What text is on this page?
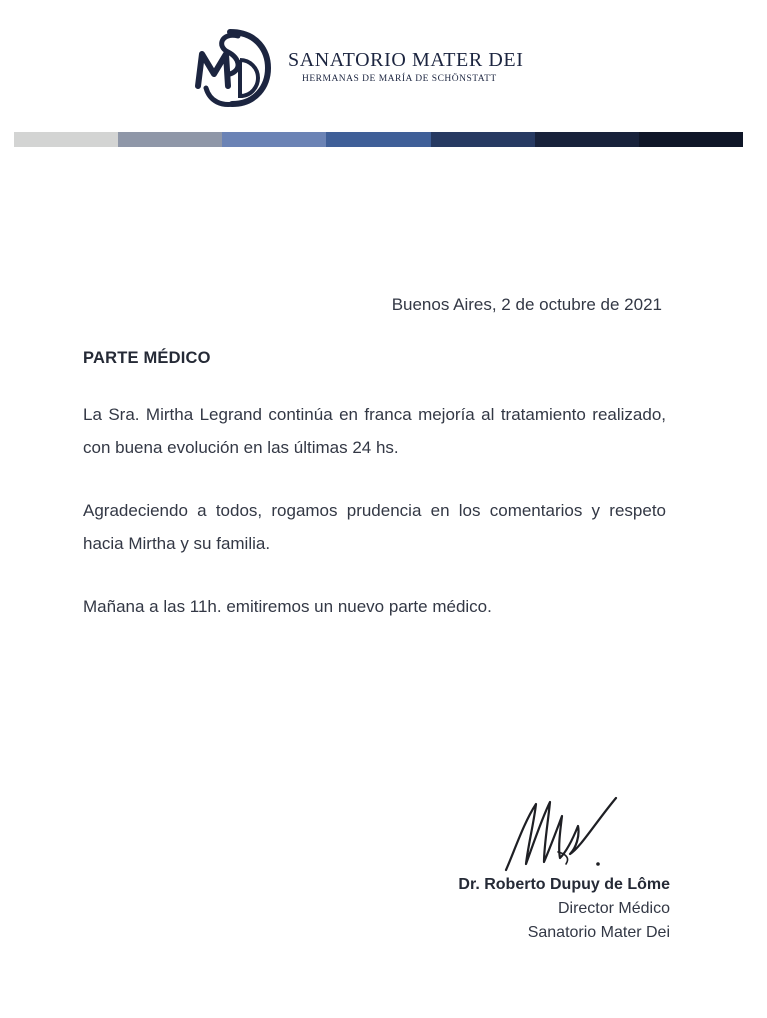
SANATORIO MATER DEI
HERMANAS DE MARÍA DE SCHÖNSTATT
Buenos Aires, 2 de octubre de 2021
PARTE MÉDICO

La Sra. Mirtha Legrand continúa en franca mejoría al tratamiento realizado, con buena evolución en las últimas 24 hs.

Agradeciendo a todos, rogamos prudencia en los comentarios y respeto hacia Mirtha y su familia.

Mañana a las 11h. emitiremos un nuevo parte médico.

Dr. Roberto Dupuy de Lôme
Director Médico
Sanatorio Mater Dei
